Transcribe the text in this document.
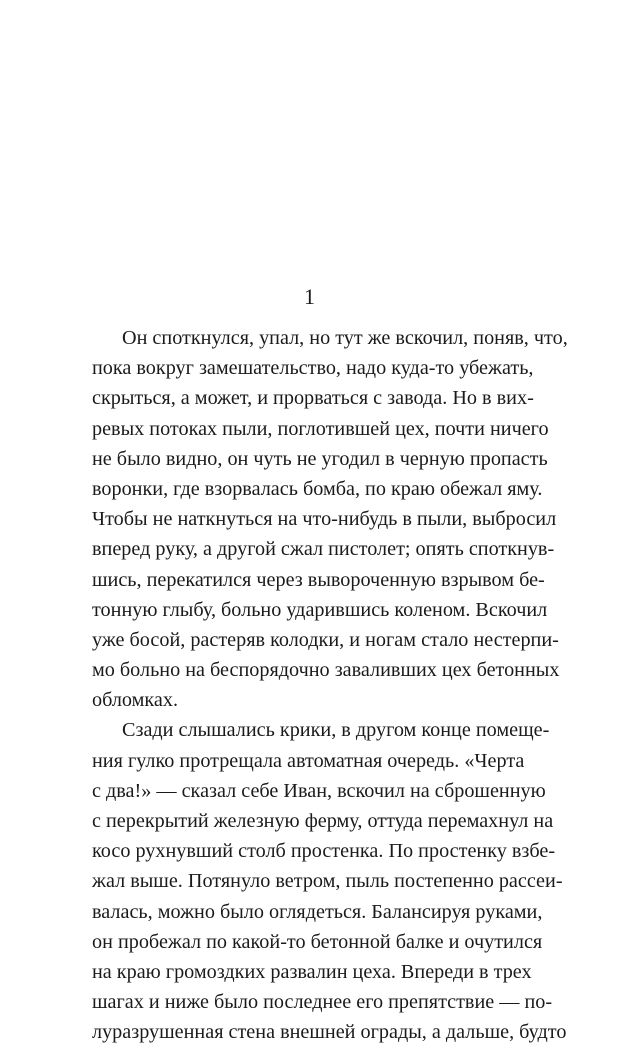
1
Он споткнулся, упал, но тут же вскочил, поняв, что,
пока вокруг замешательство, надо куда-то убежать,
скрыться, а может, и прорваться с завода. Но в вих-
ревых потоках пыли, поглотившей цех, почти ничего
не было видно, он чуть не угодил в черную пропасть
воронки, где взорвалась бомба, по краю обежал яму.
Чтобы не наткнуться на что-нибудь в пыли, выбросил
вперед руку, а другой сжал пистолет; опять споткнув-
шись, перекатился через вывороченную взрывом бе-
тонную глыбу, больно ударившись коленом. Вскочил
уже босой, растеряв колодки, и ногам стало нестерпи-
мо больно на беспорядочно заваливших цех бетонных
обломках.
Сзади слышались крики, в другом конце помеще-
ния гулко протрещала автоматная очередь. «Черта
с два!» — сказал себе Иван, вскочил на сброшенную
с перекрытий железную ферму, оттуда перемахнул на
косо рухнувший столб простенка. По простенку взбе-
жал выше. Потянуло ветром, пыль постепенно рассеи-
валась, можно было оглядеться. Балансируя руками,
он пробежал по какой-то бетонной балке и очутился
на краю громоздких развалин цеха. Впереди в трех
шагах и ниже было последнее его препятствие — по-
луразрушенная стена внешней ограды, а дальше, будто
